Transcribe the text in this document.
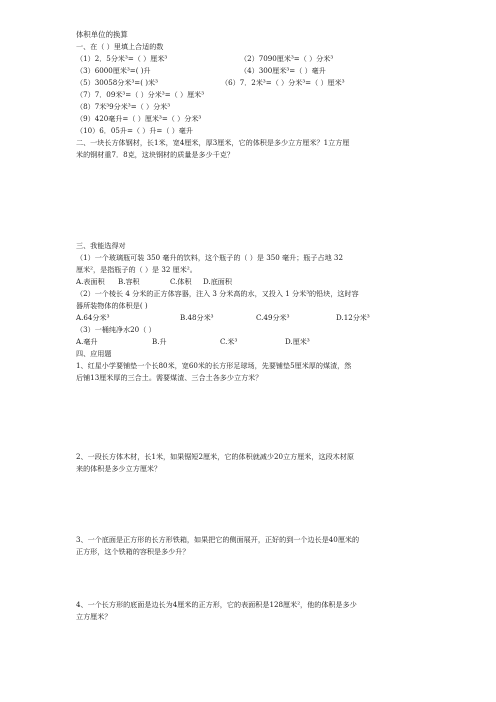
体积单位的换算
一、在（ ）里填上合适的数
（1）2．5分米³=（ ）厘米³	（2）7090厘米³=（ ）分米³
（3）6000厘米³=( )升	（4）300厘米³=（ ）毫升
（5）30058分米³=( )米³	（6）7．2米³=（ ）分米³=（ ）厘米³
（7）7．09米³=（ ）分米³=（ ）厘米³
（8）7米³9分米³=（ ）分米³
（9）420毫升=（ ）厘米³=（ ）分米³
（10）6．05升=（ ）升=（ ）毫升
二、一块长方体钢材，长1米，宽4厘米，厚3厘米，它的体积是多少立方厘米？1立方厘
米的钢材重7．8克，这块钢材的质量是多少千克？
三、我能选得对
（1）一个玻璃瓶可装 350 毫升的饮料，这个瓶子的（ ）是 350 毫升；瓶子占地 32
厘米²，是指瓶子的（ ）是 32 厘米²。
A.表面积 B.容积	C.体积 D.底面积
（2）一个棱长 4 分米的正方体容器，注入 3 分米高的水，又投入 1 分米³的铅块，这时容
器所装物体的体积是( )
A.64分米³	B.48分米³	C.49分米³	D.12分米³
（3）一桶纯净水20（ ）
A.毫升	B.升	C.米³	D.厘米³
四、应用题
1、红星小学要铺垫一个长80米，宽60米的长方形足球场，先要铺垫5厘米厚的煤渣，然
后铺13厘米厚的三合土。需要煤渣、三合土各多少立方米？
2、一段长方体木材，长1米，如果锯短2厘米，它的体积就减少20立方厘米，这段木材原
来的体积是多少立方厘米？
3、一个底面是正方形的长方形铁箱，如果把它的侧面展开，正好的到一个边长是40厘米的
正方形，这个铁箱的容积是多少升？
4、一个长方形的底面是边长为4厘米的正方形，它的表面积是128厘米²，他的体积是多少
立方厘米？
